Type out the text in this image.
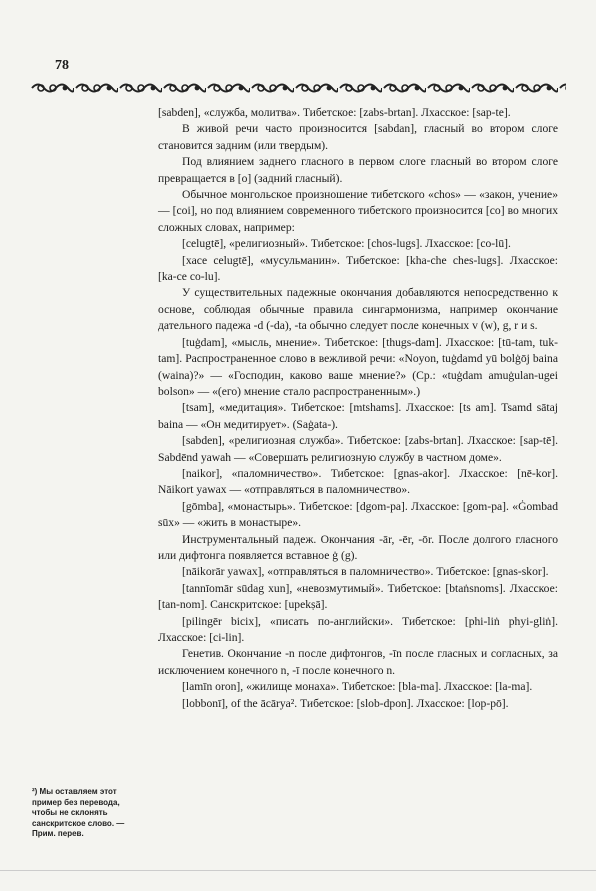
78

[sabden], «служба, молитва». Тибетское: [zabs-brtan]. Лхасское: [sap-te].

В живой речи часто произносится [sabdan], гласный во втором слоге становится задним (или твердым).

Под влиянием заднего гласного в первом слоге гласный во втором слоге превращается в [o] (задний гласный).

Обычное монгольское произношение тибетского «chos» — «закон, учение» — [coi], но под влиянием современного тибетского произносится [co] во многих сложных словах, например:

[celugtē], «религиозный». Тибетское: [chos-lugs]. Лхасское: [co-lū].

[xace celugtē], «мусульманин». Тибетское: [kha-che ches-lugs]. Лхасское: [ka-ce co-lu].

У существительных падежные окончания добавляются непосредственно к основе, соблюдая обычные правила сингармонизма, например окончание дательного падежа -d (-da), -ta обычно следует после конечных v (w), g, r и s.

[tuġdam], «мысль, мнение». Тибетское: [thugs-dam]. Лхасское: [tū-tam, tuk-tam]. Распространенное слово в вежливой речи: «Noyon, tuġdamd yū bolġōj baina (waina)?» — «Господин, каково ваше мнение?» (Ср.: «tuġdam amuġulan-ugei bolson» — «(его) мнение стало распространенным».)

[tsam], «медитация». Тибетское: [mtshams]. Лхасское: [ts am]. Tsamd sātaj baina — «Он медитирует». (Saġata-).

[sabden], «религиозная служба». Тибетское: [zabs-brtan]. Лхасское: [sap-tē]. Sabdēnd yawah — «Совершать религиозную службу в частном доме».

[naikor], «паломничество». Тибетское: [gnas-akor]. Лхасское: [nē-kor]. Nāikort yawax — «отправляться в паломничество».

[gōmba], «монастырь». Тибетское: [dgom-pa]. Лхасское: [gom-pa]. «Ġombad sūx» — «жить в монастыре».

Инструментальный падеж. Окончания -ār, -ēr, -ōr. После долгого гласного или дифтонга появляется вставное ġ (g).

[nāikorār yawax], «отправляться в паломничество». Тибетское: [gnas-skor].

[tannīomār sūdag xun], «невозмутимый». Тибетское: [btaṅsnoms]. Лхасское: [tan-nom]. Санскритское: [upekṣā].

[pilingēr bicix], «писать по-английски». Тибетское: [phi-liṅ phyi-gliṅ]. Лхасское: [ci-lin].

Генетив. Окончание -n после дифтонгов, -īn после гласных и согласных, за исключением конечного n, -ī после конечного n.

[lamīn oron], «жилище монаха». Тибетское: [bla-ma]. Лхасское: [la-ma].

[lobbonī], of the ācārya². Тибетское: [slob-dpon]. Лхасское: [lop-pō].

²) Мы оставляем этот пример без перевода, чтобы не склонять санскритское слово. — Прим. перев.
